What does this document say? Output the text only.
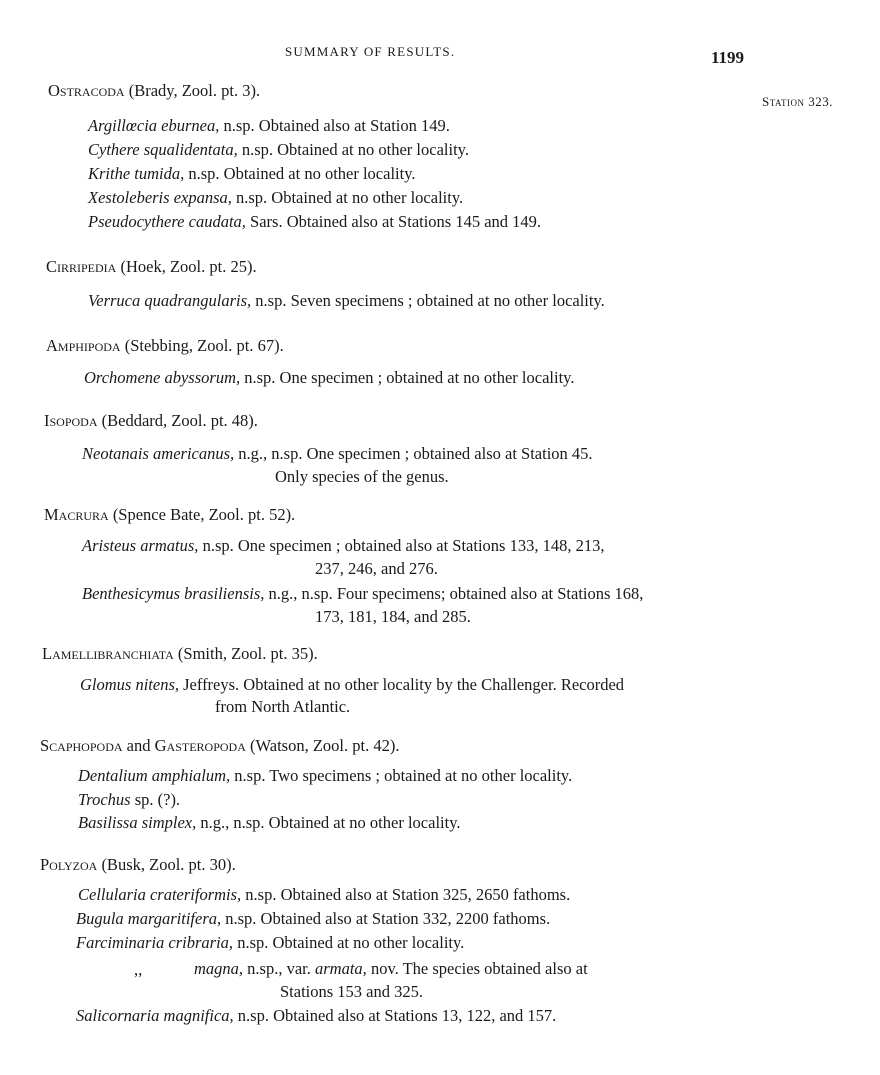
SUMMARY OF RESULTS.	1199
Station 323.
Ostracoda (Brady, Zool. pt. 3).
Argillœcia eburnea, n.sp. Obtained also at Station 149.
Cythere squalidentata, n.sp. Obtained at no other locality.
Krithe tumida, n.sp. Obtained at no other locality.
Xestoleberis expansa, n.sp. Obtained at no other locality.
Pseudocythere caudata, Sars. Obtained also at Stations 145 and 149.
Cirripedia (Hoek, Zool. pt. 25).
Verruca quadrangularis, n.sp. Seven specimens ; obtained at no other locality.
Amphipoda (Stebbing, Zool. pt. 67).
Orchomene abyssorum, n.sp. One specimen ; obtained at no other locality.
Isopoda (Beddard, Zool. pt. 48).
Neotanais americanus, n.g., n.sp. One specimen ; obtained also at Station 45.
Only species of the genus.
Macrura (Spence Bate, Zool. pt. 52).
Aristeus armatus, n.sp. One specimen ; obtained also at Stations 133, 148, 213,
237, 246, and 276.
Benthesicymus brasiliensis, n.g., n.sp. Four specimens; obtained also at Stations 168,
173, 181, 184, and 285.
Lamellibranchiata (Smith, Zool. pt. 35).
Glomus nitens, Jeffreys. Obtained at no other locality by the Challenger. Recorded
from North Atlantic.
Scaphopoda and Gasteropoda (Watson, Zool. pt. 42).
Dentalium amphialum, n.sp. Two specimens ; obtained at no other locality.
Trochus sp. (?).
Basilissa simplex, n.g., n.sp. Obtained at no other locality.
Polyzoa (Busk, Zool. pt. 30).
Cellularia crateriformis, n.sp. Obtained also at Station 325, 2650 fathoms.
Bugula margaritifera, n.sp. Obtained also at Station 332, 2200 fathoms.
Farciminaria cribraria, n.sp. Obtained at no other locality.
,,	magna, n.sp., var. armata, nov. The species obtained also at
Stations 153 and 325.
Salicornaria magnifica, n.sp. Obtained also at Stations 13, 122, and 157.
